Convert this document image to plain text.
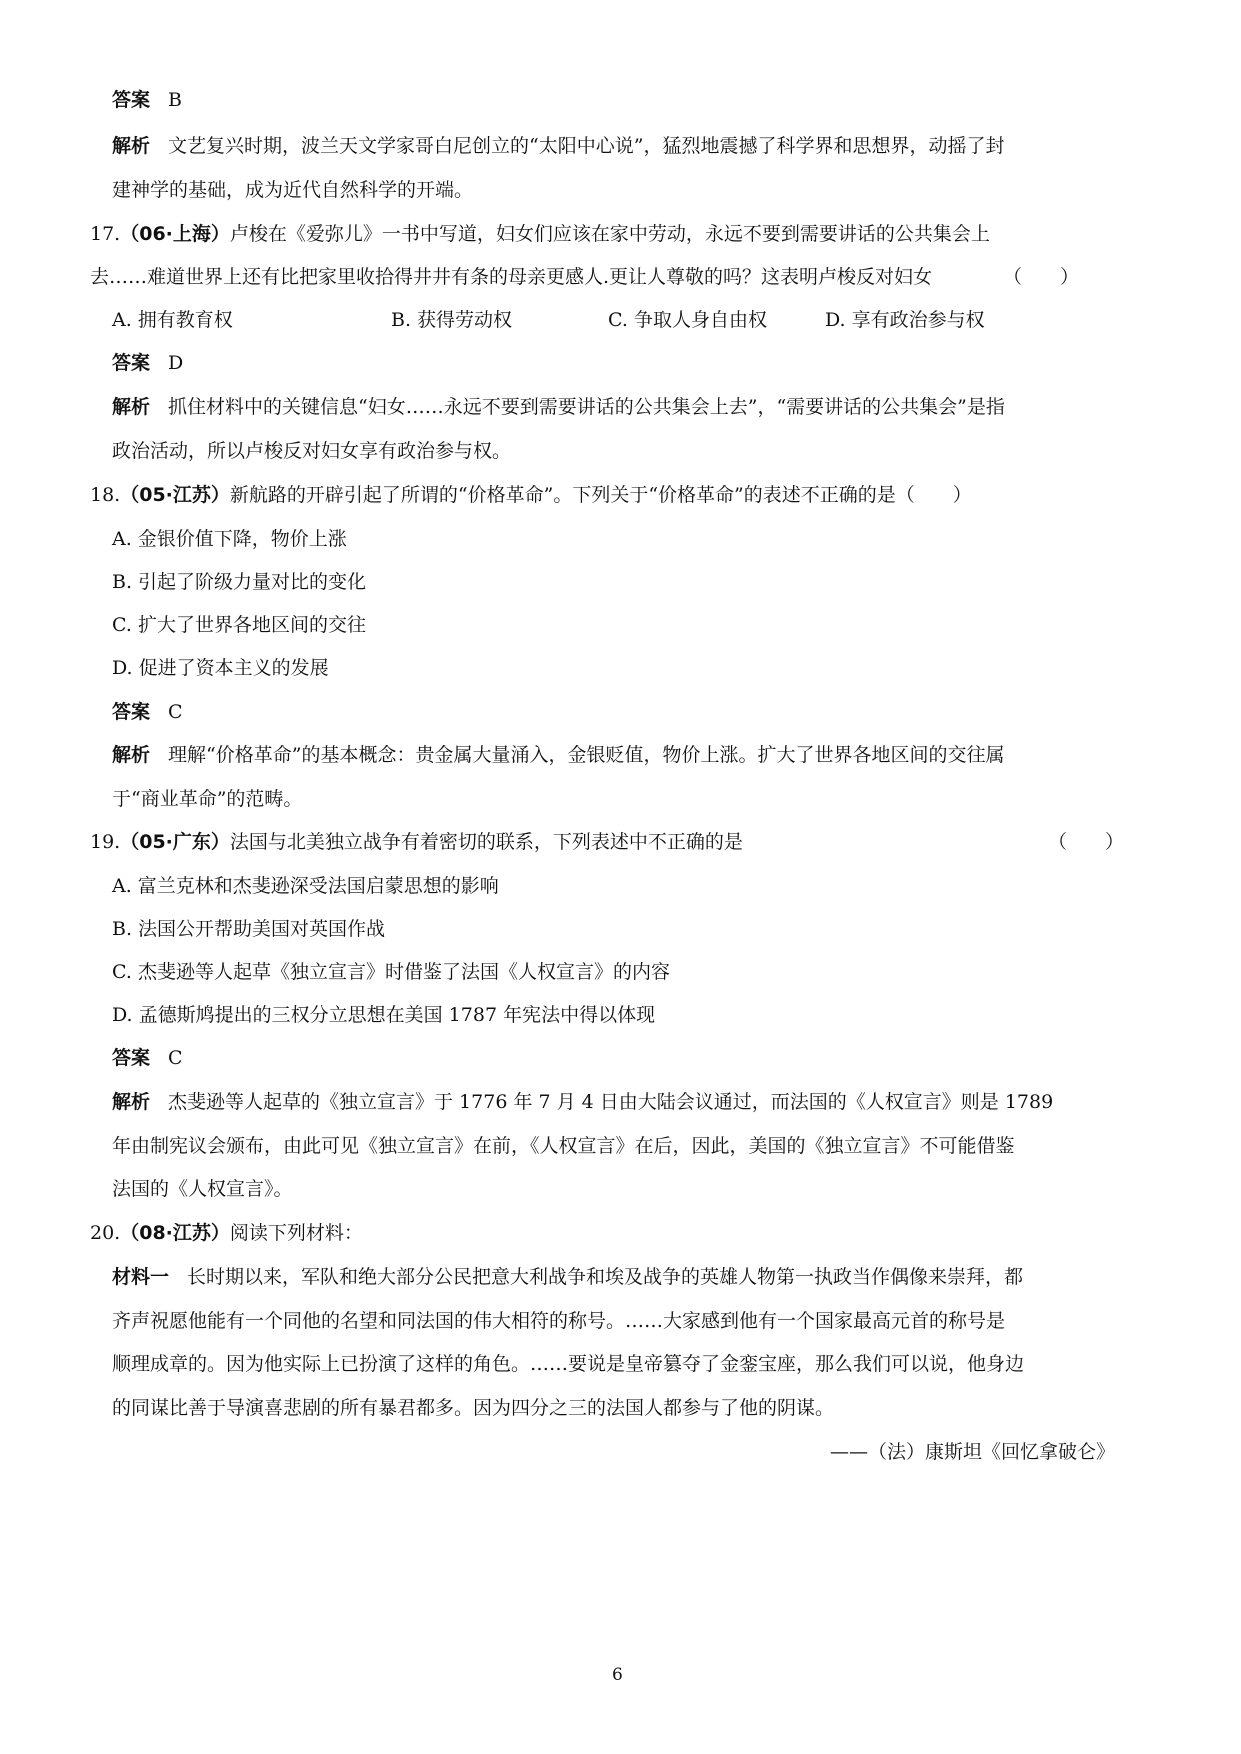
答案 B
解析 文艺复兴时期，波兰天文学家哥白尼创立的“太阳中心说”，猛烈地震撼了科学界和思想界，动摇了封
建神学的基础，成为近代自然科学的开端。
17.（06·上海）卢梭在《爱弥儿》一书中写道，妇女们应该在家中劳动，永远不要到需要讲话的公共集会上
去……难道世界上还有比把家里收拾得井井有条的母亲更感人.更让人尊敬的吗？这表明卢梭反对妇女	（　　）
A. 拥有教育权	B. 获得劳动权	C. 争取人身自由权	D. 享有政治参与权
答案 D
解析 抓住材料中的关键信息“妇女……永远不要到需要讲话的公共集会上去”，“需要讲话的公共集会”是指
政治活动，所以卢梭反对妇女享有政治参与权。
18.（05·江苏）新航路的开辟引起了所谓的“价格革命”。下列关于“价格革命”的表述不正确的是（　　）
A. 金银价值下降，物价上涨
B. 引起了阶级力量对比的变化
C. 扩大了世界各地区间的交往
D. 促进了资本主义的发展
答案 C
解析 理解“价格革命”的基本概念：贵金属大量涌入，金银贬值，物价上涨。扩大了世界各地区间的交往属
于“商业革命”的范畴。
19.（05·广东）法国与北美独立战争有着密切的联系，下列表述中不正确的是	（　　）
A. 富兰克林和杰斐逊深受法国启蒙思想的影响
B. 法国公开帮助美国对英国作战
C. 杰斐逊等人起草《独立宣言》时借鉴了法国《人权宣言》的内容
D. 孟德斯鸠提出的三权分立思想在美国 1787 年宪法中得以体现
答案 C
解析 杰斐逊等人起草的《独立宣言》于 1776 年 7 月 4 日由大陆会议通过，而法国的《人权宣言》则是 1789
年由制宪议会颁布，由此可见《独立宣言》在前，《人权宣言》在后，因此，美国的《独立宣言》不可能借鉴
法国的《人权宣言》。
20.（08·江苏）阅读下列材料：
材料一 长时期以来，军队和绝大部分公民把意大利战争和埃及战争的英雄人物第一执政当作偶像来崇拜，都
齐声祝愿他能有一个同他的名望和同法国的伟大相符的称号。……大家感到他有一个国家最高元首的称号是
顺理成章的。因为他实际上已扮演了这样的角色。……要说是皇帝篡夺了金銮宝座，那么我们可以说，他身边
的同谋比善于导演喜悲剧的所有暴君都多。因为四分之三的法国人都参与了他的阴谋。
——（法）康斯坦《回忆拿破仑》
6
